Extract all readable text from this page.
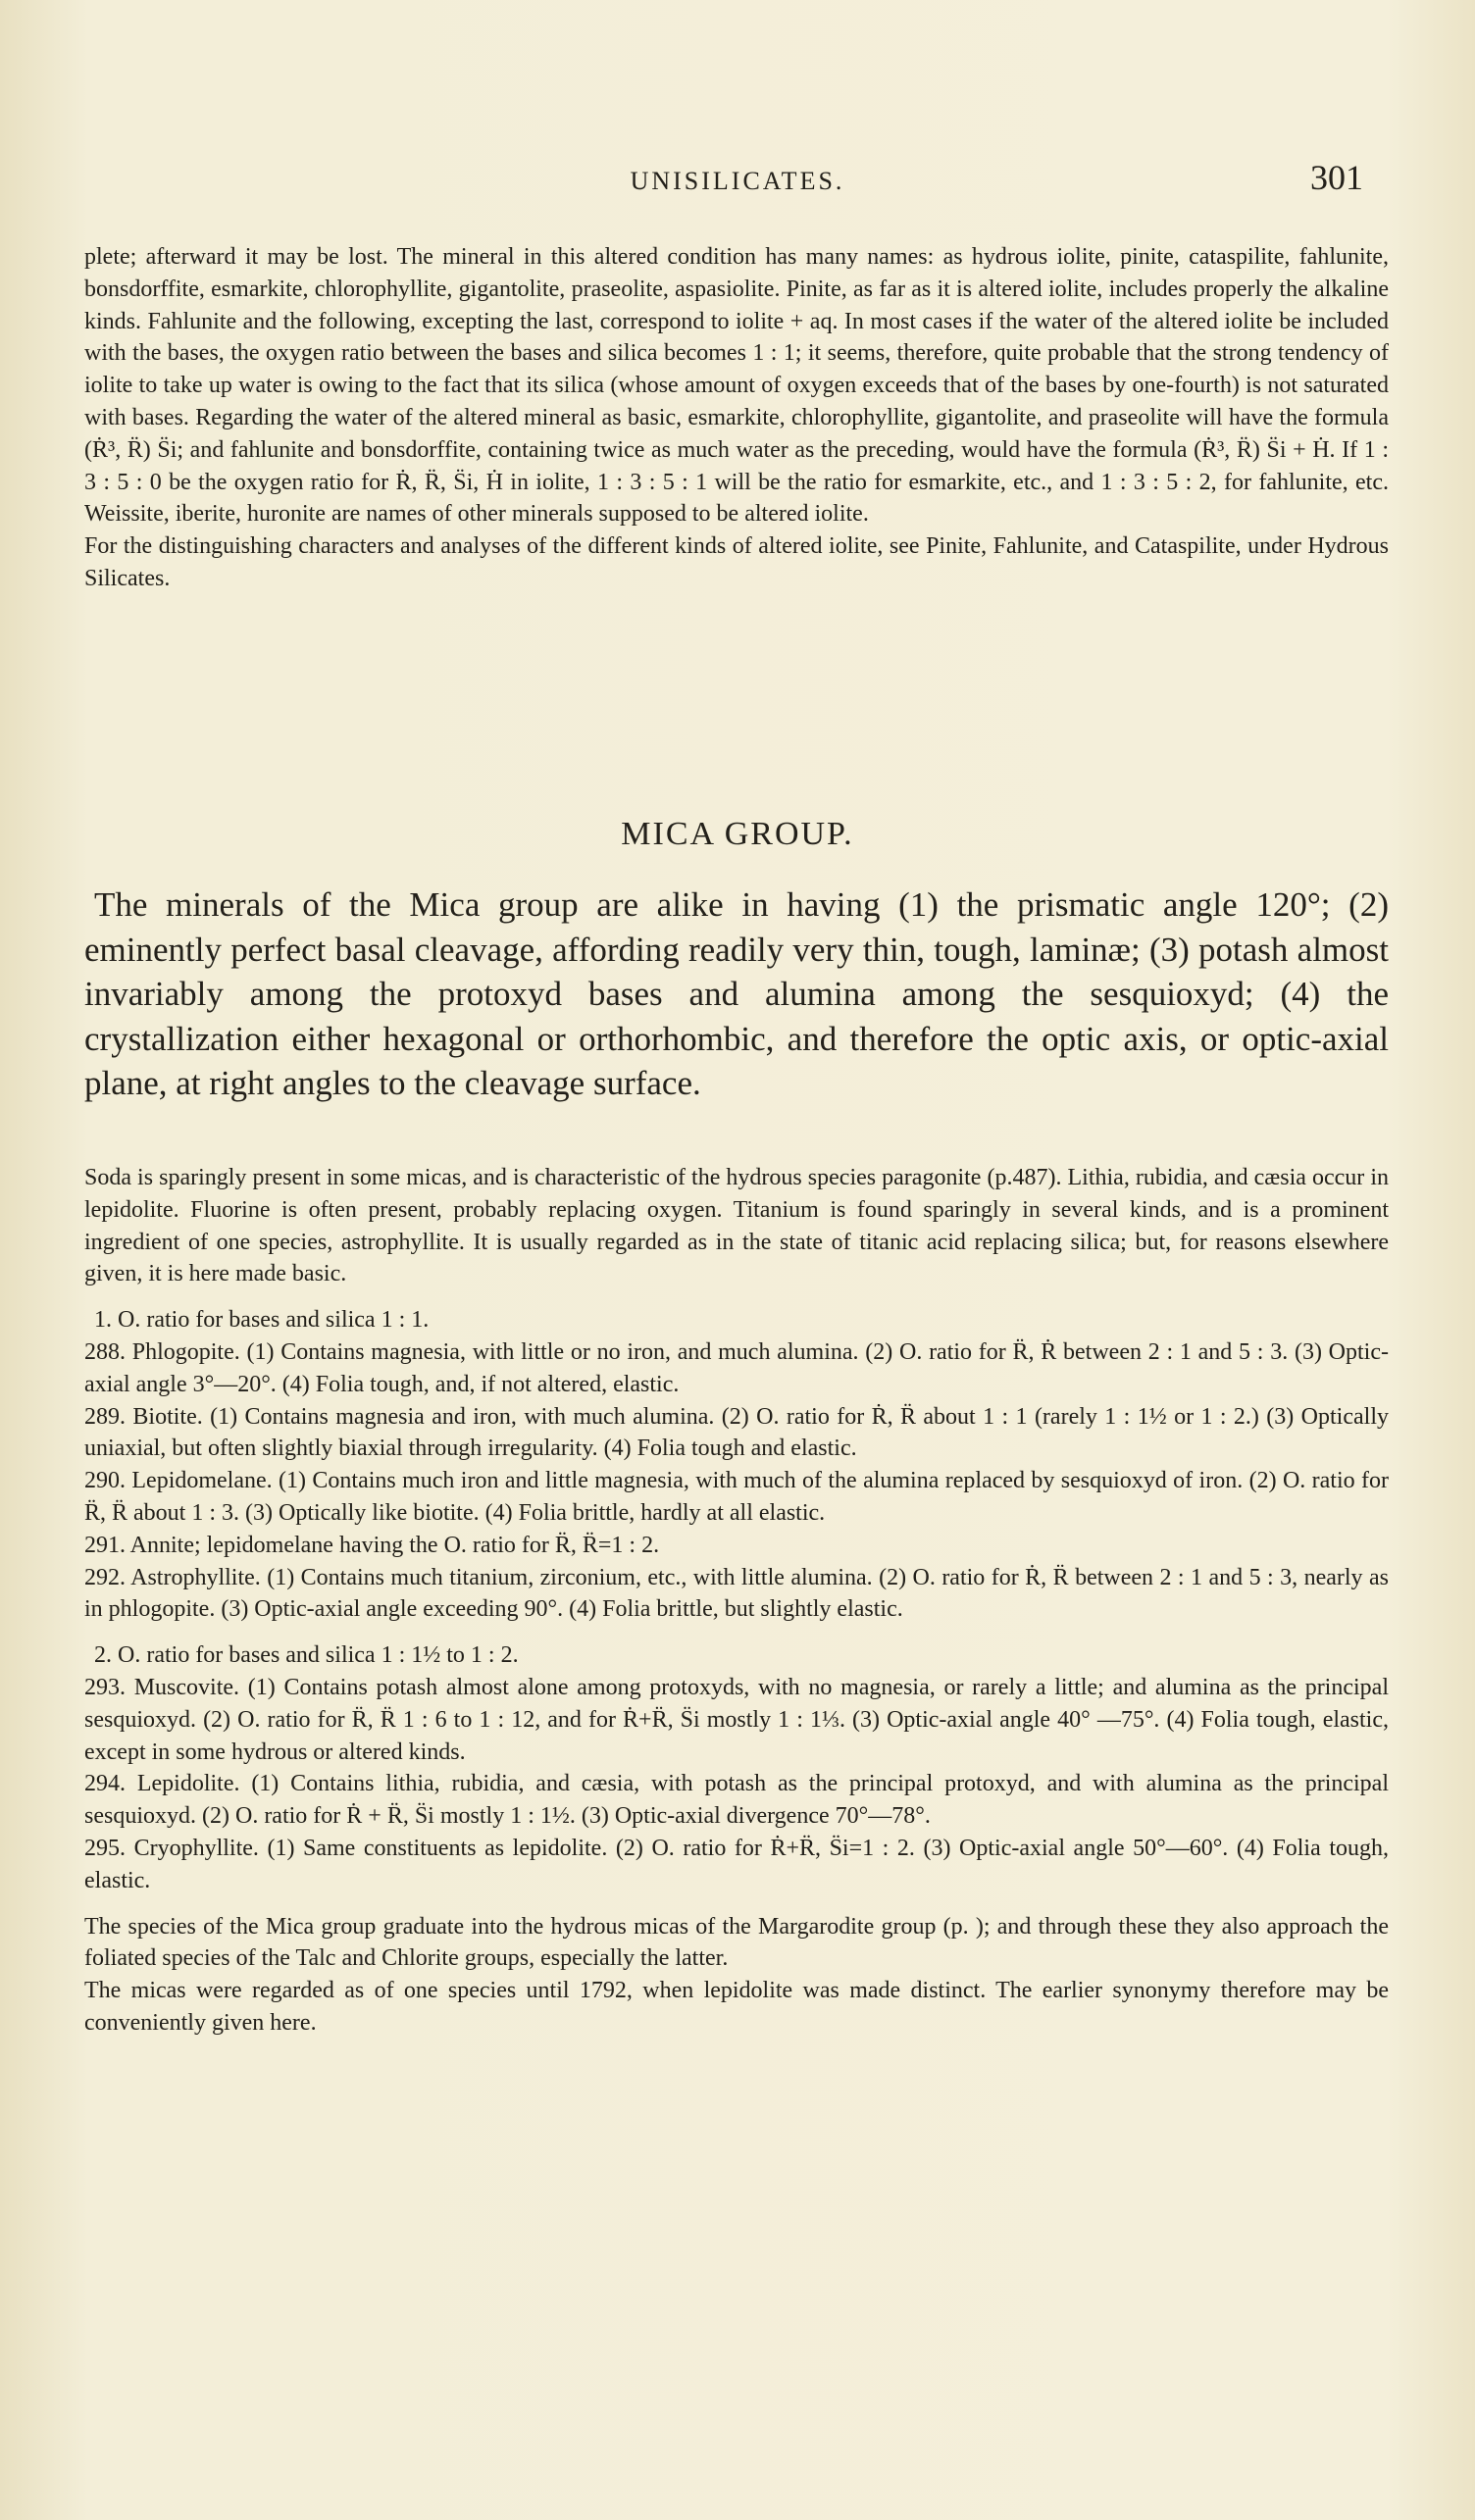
UNISILICATES.	301

plete; afterward it may be lost. The mineral in this altered condition has many names: as hydrous iolite, pinite, cataspilite, fahlunite, bonsdorffite, esmarkite, chlorophyllite, gigantolite, praseolite, aspasiolite. Pinite, as far as it is altered iolite, includes properly the alkaline kinds. Fahlunite and the following, excepting the last, correspond to iolite + aq. In most cases if the water of the altered iolite be included with the bases, the oxygen ratio between the bases and silica becomes 1 : 1; it seems, therefore, quite probable that the strong tendency of iolite to take up water is owing to the fact that its silica (whose amount of oxygen exceeds that of the bases by one-fourth) is not saturated with bases. Regarding the water of the altered mineral as basic, esmarkite, chlorophyllite, gigantolite, and praseolite will have the formula (Ṙ³, R̈) S̈i; and fahlunite and bonsdorffite, containing twice as much water as the preceding, would have the formula (Ṙ³, R̈) S̈i + Ḣ. If 1 : 3 : 5 : 0 be the oxygen ratio for Ṙ, R̈, S̈i, Ḣ in iolite, 1 : 3 : 5 : 1 will be the ratio for esmarkite, etc., and 1 : 3 : 5 : 2, for fahlunite, etc. Weissite, iberite, huronite are names of other minerals supposed to be altered iolite.

For the distinguishing characters and analyses of the different kinds of altered iolite, see Pinite, Fahlunite, and Cataspilite, under Hydrous Silicates.

MICA GROUP.

The minerals of the Mica group are alike in having (1) the prismatic angle 120°; (2) eminently perfect basal cleavage, affording readily very thin, tough, laminæ; (3) potash almost invariably among the protoxyd bases and alumina among the sesquioxyd; (4) the crystallization either hexagonal or orthorhombic, and therefore the optic axis, or optic-axial plane, at right angles to the cleavage surface.

Soda is sparingly present in some micas, and is characteristic of the hydrous species paragonite (p.487). Lithia, rubidia, and cæsia occur in lepidolite. Fluorine is often present, probably replacing oxygen. Titanium is found sparingly in several kinds, and is a prominent ingredient of one species, astrophyllite. It is usually regarded as in the state of titanic acid replacing silica; but, for reasons elsewhere given, it is here made basic.

1. O. ratio for bases and silica 1 : 1.

288. Phlogopite. (1) Contains magnesia, with little or no iron, and much alumina. (2) O. ratio for R̈, Ṙ between 2 : 1 and 5 : 3. (3) Optic-axial angle 3°—20°. (4) Folia tough, and, if not altered, elastic.

289. Biotite. (1) Contains magnesia and iron, with much alumina. (2) O. ratio for Ṙ, R̈ about 1 : 1 (rarely 1 : 1½ or 1 : 2.) (3) Optically uniaxial, but often slightly biaxial through irregularity. (4) Folia tough and elastic.

290. Lepidomelane. (1) Contains much iron and little magnesia, with much of the alumina replaced by sesquioxyd of iron. (2) O. ratio for R̈, R̈ about 1 : 3. (3) Optically like biotite. (4) Folia brittle, hardly at all elastic.

291. Annite; lepidomelane having the O. ratio for R̈, R̈=1 : 2.

292. Astrophyllite. (1) Contains much titanium, zirconium, etc., with little alumina. (2) O. ratio for Ṙ, R̈ between 2 : 1 and 5 : 3, nearly as in phlogopite. (3) Optic-axial angle exceeding 90°. (4) Folia brittle, but slightly elastic.

2. O. ratio for bases and silica 1 : 1½ to 1 : 2.

293. Muscovite. (1) Contains potash almost alone among protoxyds, with no magnesia, or rarely a little; and alumina as the principal sesquioxyd. (2) O. ratio for R̈, R̈ 1 : 6 to 1 : 12, and for Ṙ+R̈, S̈i mostly 1 : 1⅓. (3) Optic-axial angle 40° —75°. (4) Folia tough, elastic, except in some hydrous or altered kinds.

294. Lepidolite. (1) Contains lithia, rubidia, and cæsia, with potash as the principal protoxyd, and with alumina as the principal sesquioxyd. (2) O. ratio for Ṙ + R̈, S̈i mostly 1 : 1½. (3) Optic-axial divergence 70°—78°.

295. Cryophyllite. (1) Same constituents as lepidolite. (2) O. ratio for Ṙ+R̈, S̈i=1 : 2. (3) Optic-axial angle 50°—60°. (4) Folia tough, elastic.

The species of the Mica group graduate into the hydrous micas of the Margarodite group (p. ); and through these they also approach the foliated species of the Talc and Chlorite groups, especially the latter.

The micas were regarded as of one species until 1792, when lepidolite was made distinct. The earlier synonymy therefore may be conveniently given here.
